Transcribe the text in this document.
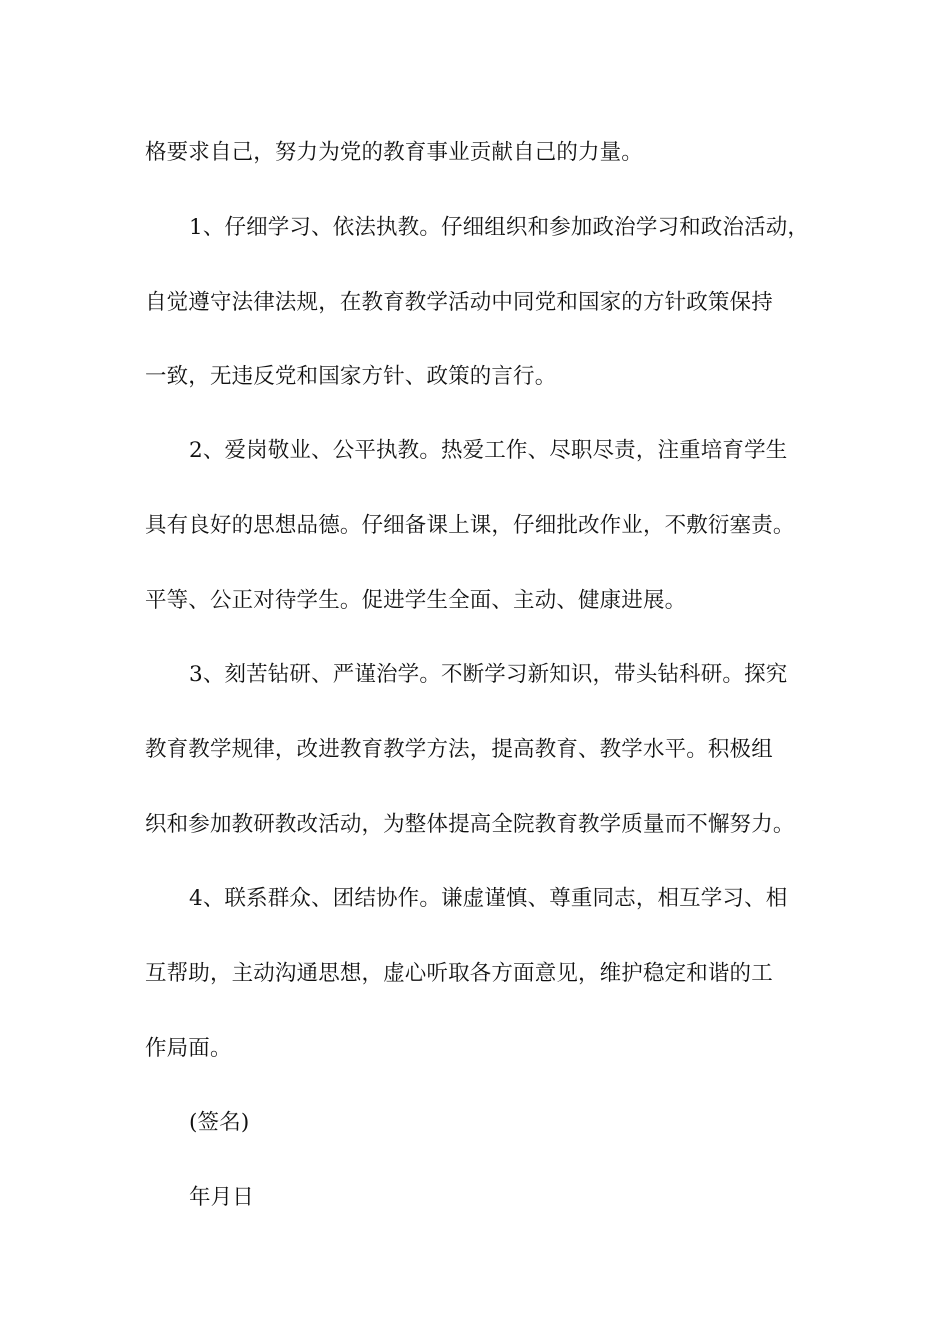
格要求自己，努力为党的教育事业贡献自己的力量。
1、仔细学习、依法执教。仔细组织和参加政治学习和政治活动，
自觉遵守法律法规，在教育教学活动中同党和国家的方针政策保持
一致，无违反党和国家方针、政策的言行。
2、爱岗敬业、公平执教。热爱工作、尽职尽责，注重培育学生
具有良好的思想品德。仔细备课上课，仔细批改作业，不敷衍塞责。
平等、公正对待学生。促进学生全面、主动、健康进展。
3、刻苦钻研、严谨治学。不断学习新知识，带头钻科研。探究
教育教学规律，改进教育教学方法，提高教育、教学水平。积极组
织和参加教研教改活动，为整体提高全院教育教学质量而不懈努力。
4、联系群众、团结协作。谦虚谨慎、尊重同志，相互学习、相
互帮助，主动沟通思想，虚心听取各方面意见，维护稳定和谐的工
作局面。
(签名)
年月日
